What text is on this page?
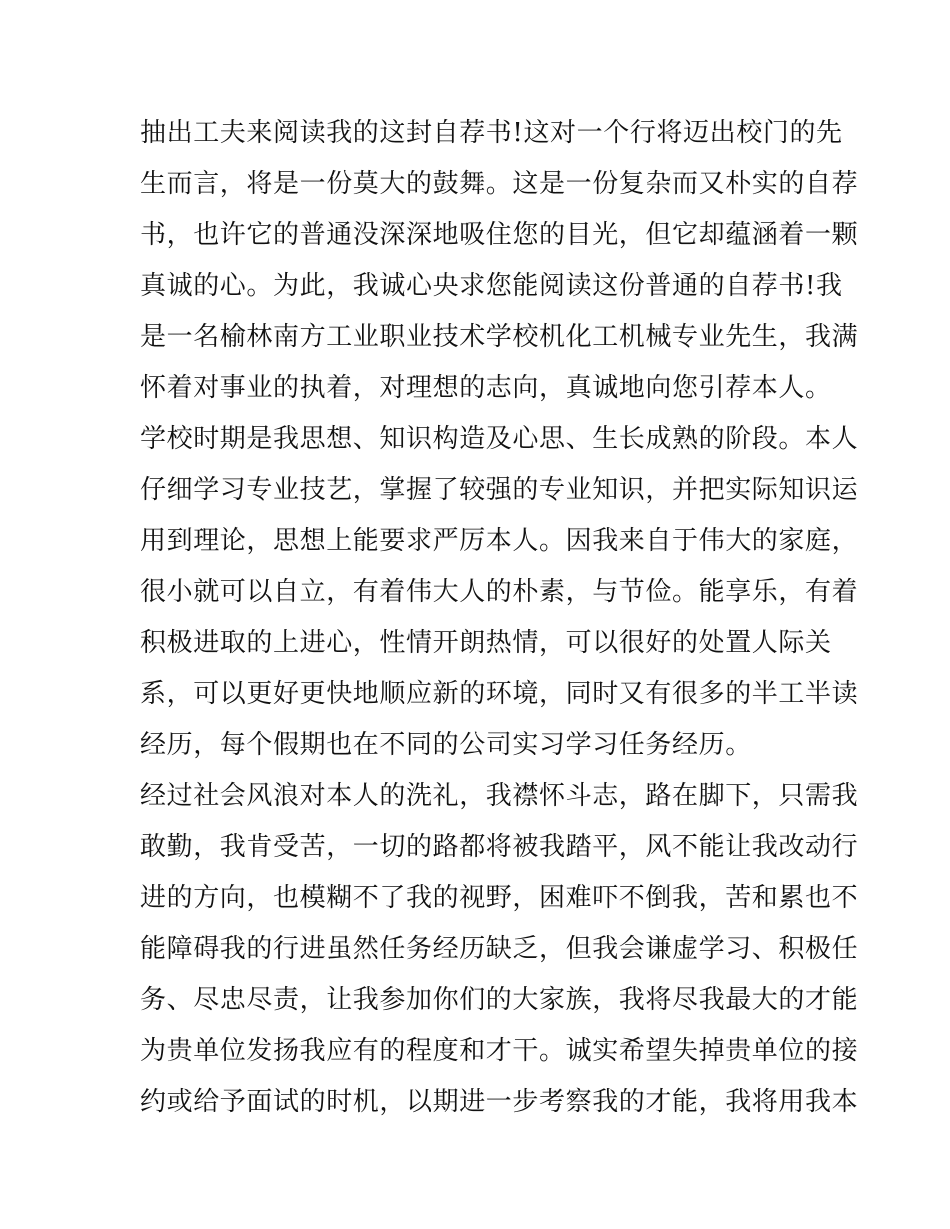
抽出工夫来阅读我的这封自荐书!这对一个行将迈出校门的先
生而言，将是一份莫大的鼓舞。这是一份复杂而又朴实的自荐
书，也许它的普通没深深地吸住您的目光，但它却蕴涵着一颗
真诚的心。为此，我诚心央求您能阅读这份普通的自荐书!我
是一名榆林南方工业职业技术学校机化工机械专业先生，我满
怀着对事业的执着，对理想的志向，真诚地向您引荐本人。
学校时期是我思想、知识构造及心思、生长成熟的阶段。本人
仔细学习专业技艺，掌握了较强的专业知识，并把实际知识运
用到理论，思想上能要求严厉本人。因我来自于伟大的家庭，
很小就可以自立，有着伟大人的朴素，与节俭。能享乐，有着
积极进取的上进心，性情开朗热情，可以很好的处置人际关
系，可以更好更快地顺应新的环境，同时又有很多的半工半读
经历，每个假期也在不同的公司实习学习任务经历。
经过社会风浪对本人的洗礼，我襟怀斗志，路在脚下，只需我
敢勤，我肯受苦，一切的路都将被我踏平，风不能让我改动行
进的方向，也模糊不了我的视野，困难吓不倒我，苦和累也不
能障碍我的行进虽然任务经历缺乏，但我会谦虚学习、积极任
务、尽忠尽责，让我参加你们的大家族，我将尽我最大的才能
为贵单位发扬我应有的程度和才干。诚实希望失掉贵单位的接
约或给予面试的时机，以期进一步考察我的才能，我将用我本
